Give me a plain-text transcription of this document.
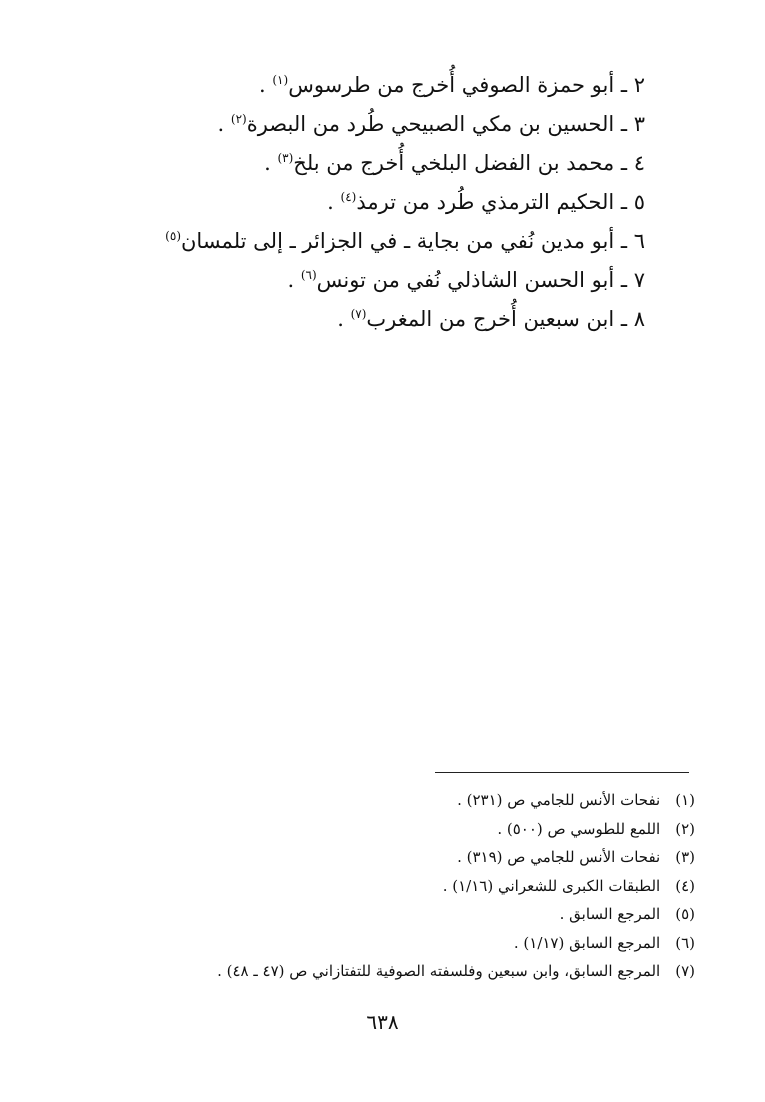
٢ ـ أبو حمزة الصوفي أُخرج من طرسوس$^{(١)}$ .
٣ ـ الحسين بن مكي الصبيحي طُرد من البصرة$^{(٢)}$ .
٤ ـ محمد بن الفضل البلخي أُخرج من بلخ$^{(٣)}$ .
٥ ـ الحكيم الترمذي طُرد من ترمذ$^{(٤)}$ .
٦ ـ أبو مدين نُفي من بجاية ـ في الجزائر ـ إلى تلمسان$^{(٥)}$
٧ ـ أبو الحسن الشاذلي نُفي من تونس$^{(٦)}$ .
٨ ـ ابن سبعين أُخرج من المغرب$^{(٧)}$ .
(١) نفحات الأنس للجامي ص (٢٣١) .
(٢) اللمع للطوسي ص (٥٠٠) .
(٣) نفحات الأنس للجامي ص (٣١٩) .
(٤) الطبقات الكبرى للشعراني (١/١٦) .
(٥) المرجع السابق .
(٦) المرجع السابق (١/١٧) .
(٧) المرجع السابق، وابن سبعين وفلسفته الصوفية للتفتازاني ص (٤٧ ـ ٤٨) .
٦٣٨
